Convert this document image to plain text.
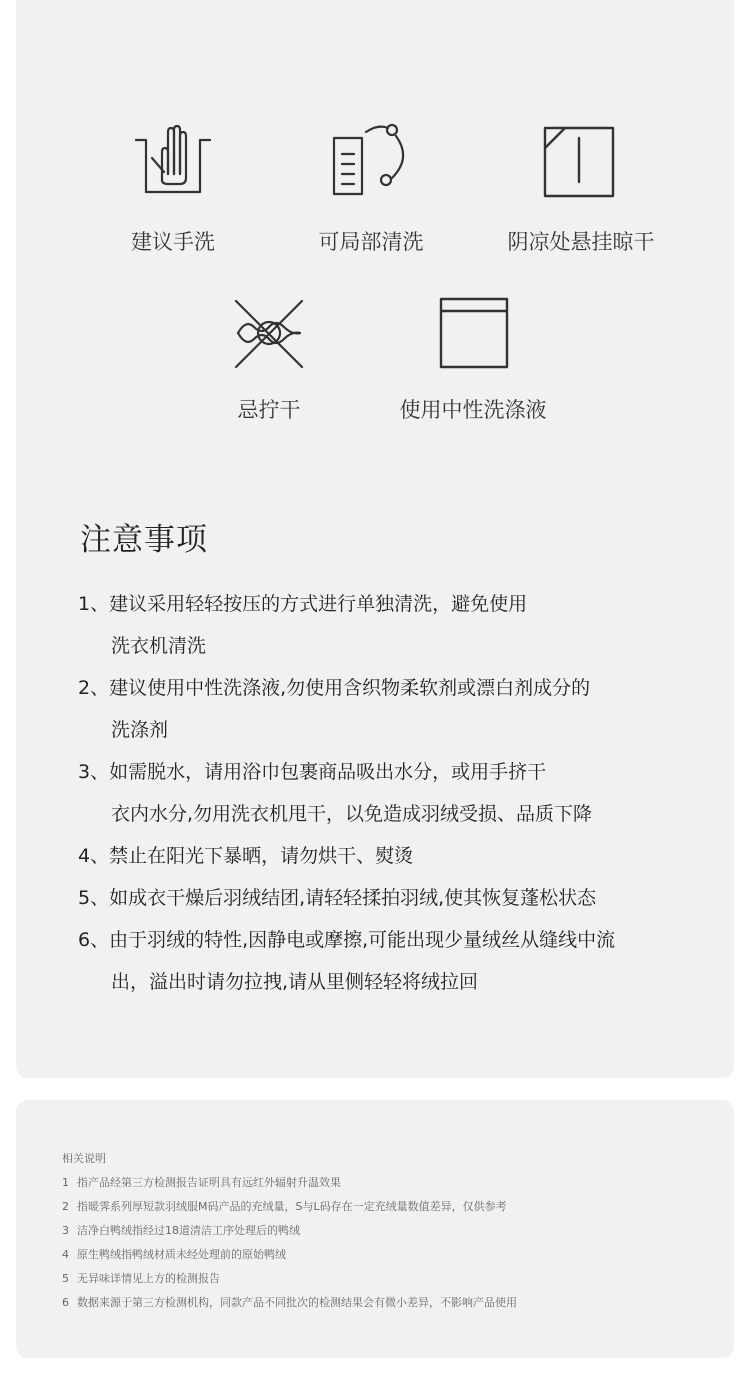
建议手洗	可局部清洗	阴凉处悬挂晾干
忌拧干	使用中性洗涤液
注意事项
1、建议采用轻轻按压的方式进行单独清洗，避免使用
洗衣机清洗
2、建议使用中性洗涤液,勿使用含织物柔软剂或漂白剂成分的
洗涤剂
3、如需脱水，请用浴巾包裹商品吸出水分，或用手挤干
衣内水分,勿用洗衣机甩干，以免造成羽绒受损、品质下降
4、禁止在阳光下暴晒，请勿烘干、熨烫
5、如成衣干燥后羽绒结团,请轻轻揉拍羽绒,使其恢复蓬松状态
6、由于羽绒的特性,因静电或摩擦,可能出现少量绒丝从缝线中流
出，溢出时请勿拉拽,请从里侧轻轻将绒拉回
相关说明
1 指产品经第三方检测报告证明具有远红外辐射升温效果
2 指暖霁系列厚短款羽绒服M码产品的充绒量，S与L码存在一定充绒量数值差异，仅供参考
3 洁净白鸭绒指经过18道清洁工序处理后的鸭绒
4 原生鸭绒指鸭绒材质未经处理前的原始鸭绒
5 无异味详情见上方的检测报告
6 数据来源于第三方检测机构，同款产品不同批次的检测结果会有微小差异，不影响产品使用
